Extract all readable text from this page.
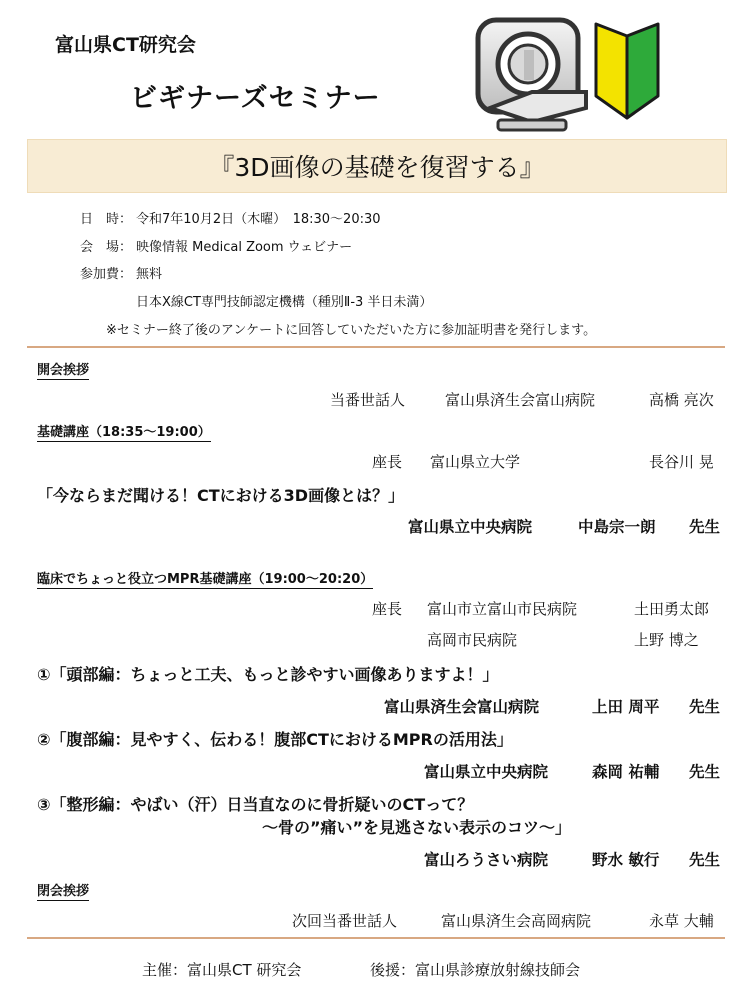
富山県CT研究会
ビギナーズセミナー
『3D画像の基礎を復習する』
日　時： 令和7年10月2日（木曜）　18:30〜20:30
会　場： 映像情報 Medical Zoom ウェビナー
参加費： 無料
日本X線CT専門技師認定機構（種別Ⅱ-3 半日未満）
※セミナー終了後のアンケートに回答していただいた方に参加証明書を発行します。
開会挨拶
当番世話人	富山県済生会富山病院	高橋 亮次
基礎講座（18:35〜19:00）
座長 富山県立大学	長谷川 晃
「今ならまだ聞ける！CTにおける3D画像とは？」
富山県立中央病院	中島宗一朗 先生
臨床でちょっと役立つMPR基礎講座（19:00〜20:20）
座長 富山市立富山市民病院	土田勇太郎
高岡市民病院	上野 博之
①「頭部編：ちょっと工夫、もっと診やすい画像ありますよ！」
富山県済生会富山病院	上田 周平 先生
②「腹部編：見やすく、伝わる！腹部CTにおけるMPRの活用法」
富山県立中央病院	森岡 祐輔 先生
③「整形編：やばい（汗）日当直なのに骨折疑いのCTって？
〜骨の”痛い”を見逃さない表示のコツ〜」
富山ろうさい病院	野水 敏行 先生
閉会挨拶
次回当番世話人	富山県済生会高岡病院	永草 大輔
主催：富山県CT 研究会	後援：富山県診療放射線技師会
